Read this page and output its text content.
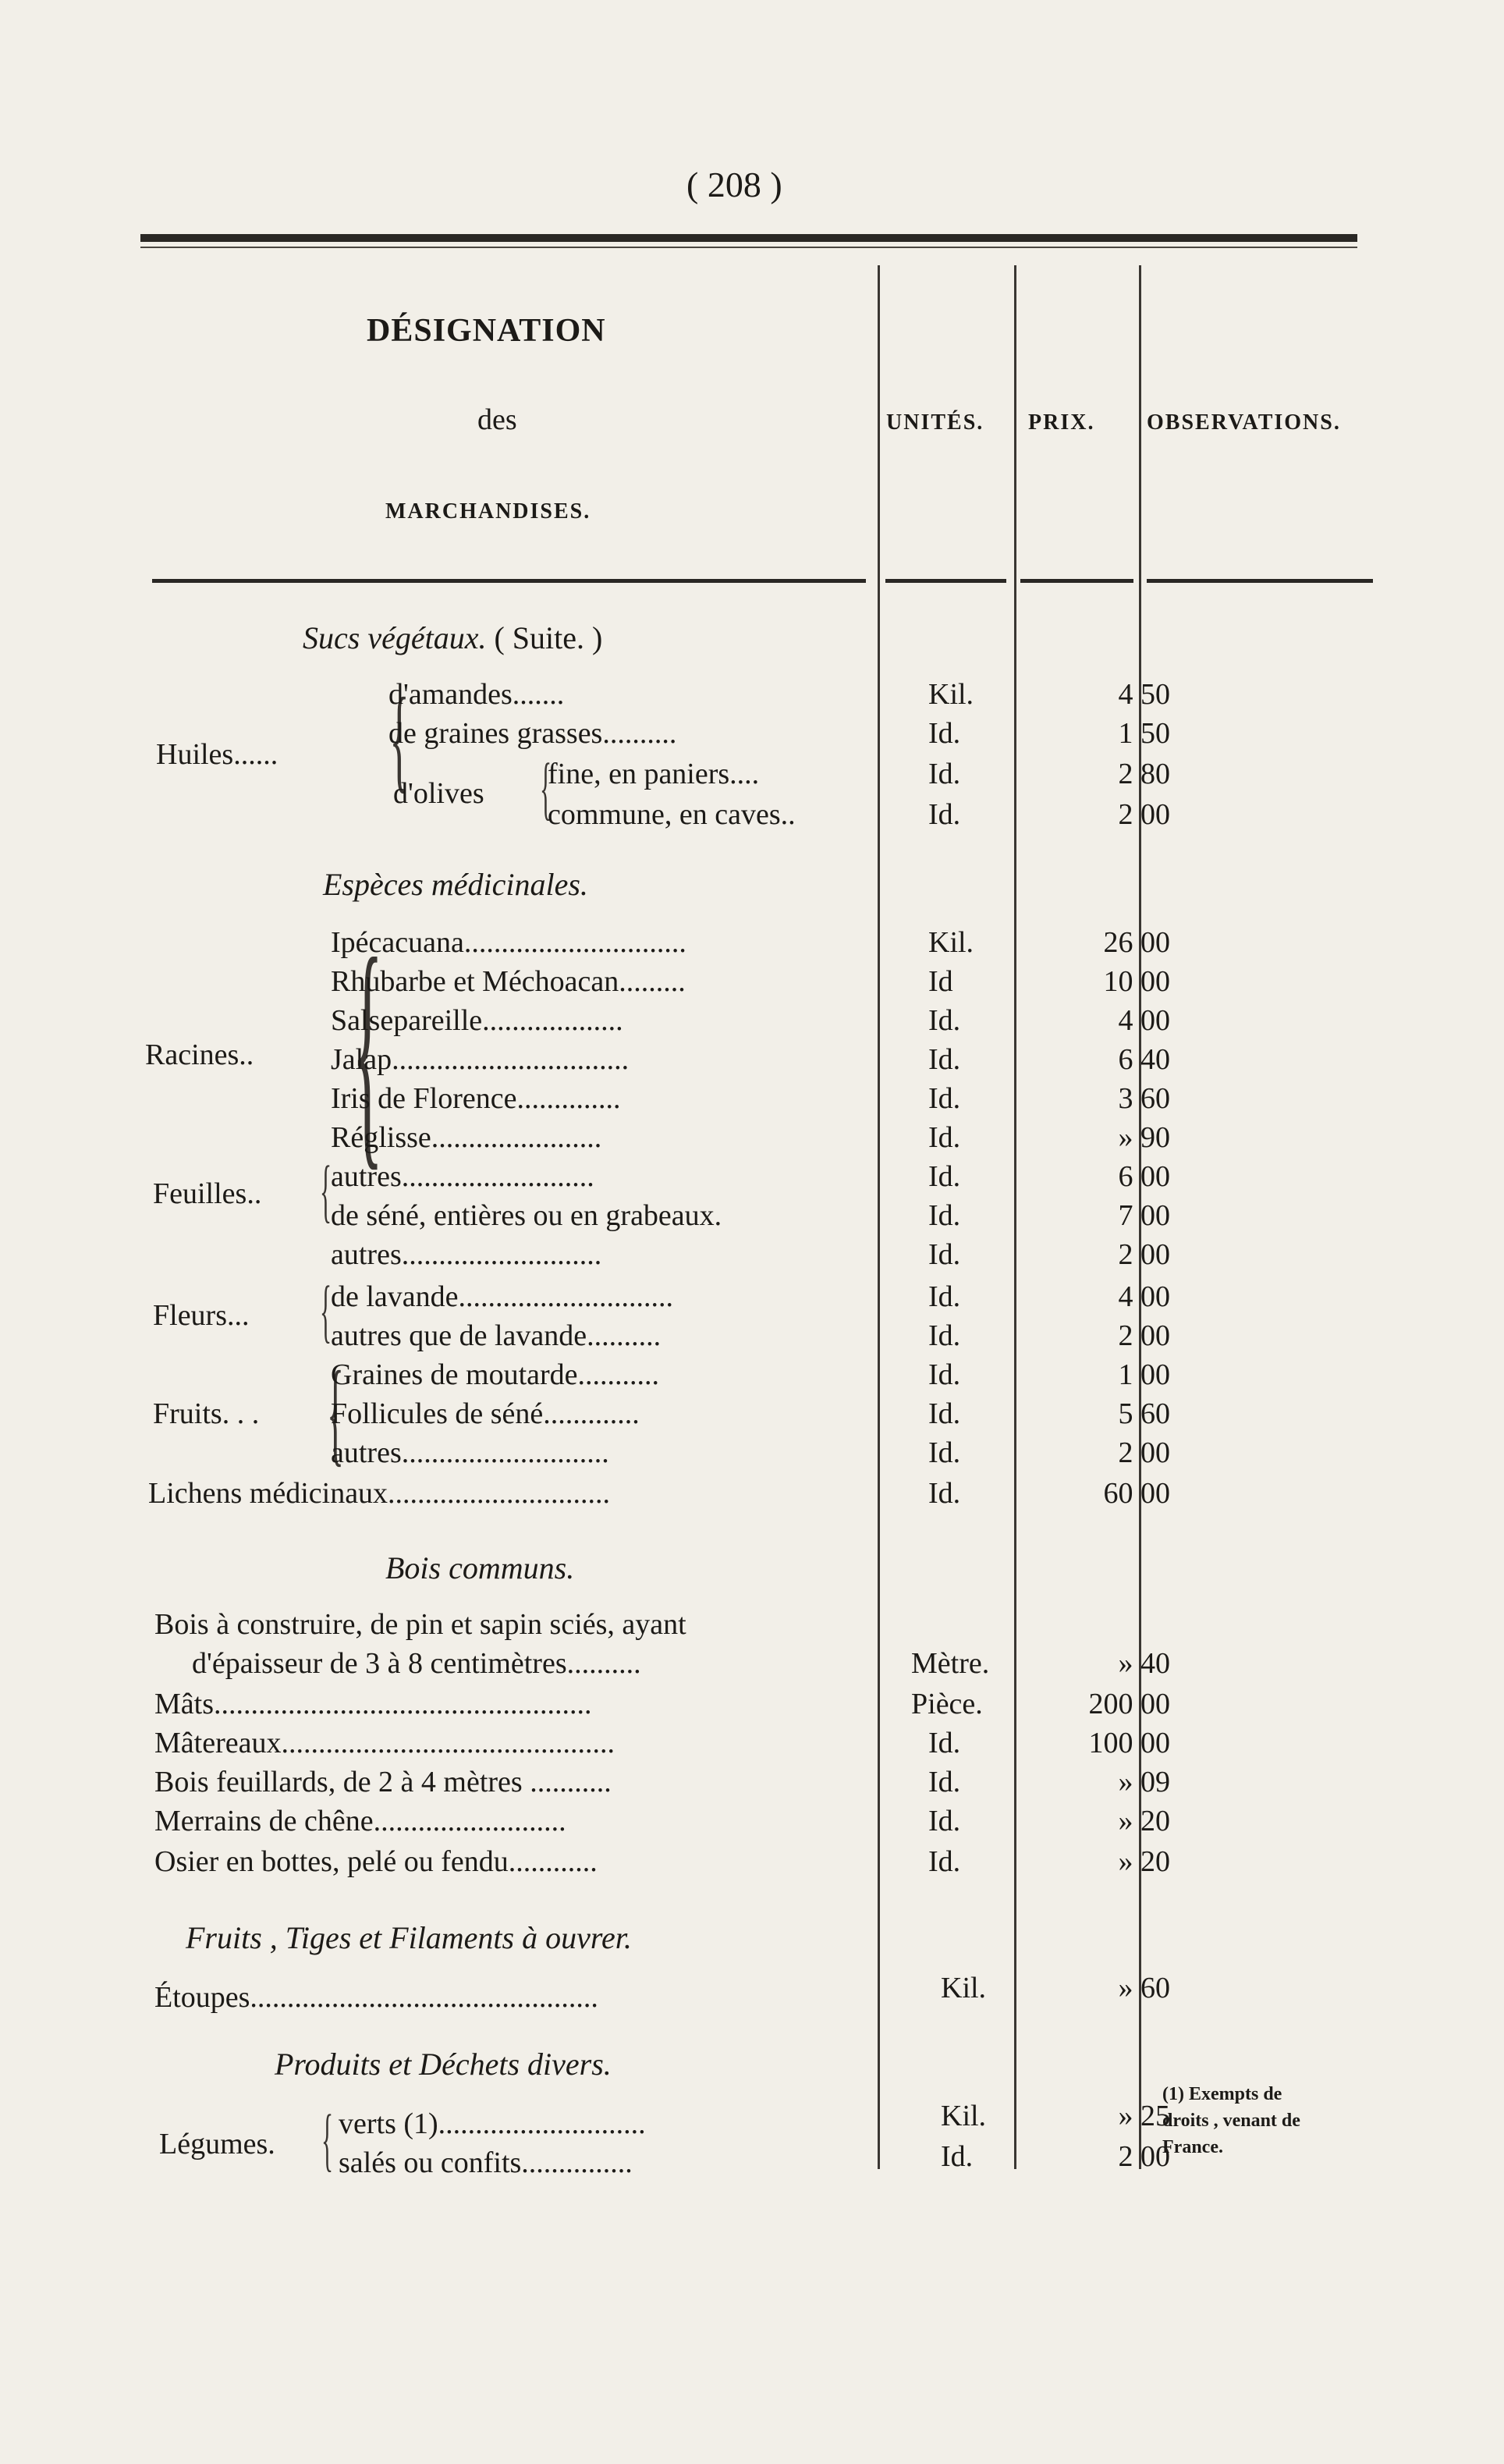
( 208 )
DÉSIGNATION
des
MARCHANDISES.
UNITÉS. PRIX. OBSERVATIONS.
Sucs végétaux. ( Suite. )
Huiles...... {
d'amandes.......
de graines grasses..........
d'olives {
fine, en paniers....
commune, en caves..
Kil.
Id.
Id.
Id.
4 50
1 50
2 80
2 00
Espèces médicinales.
Racines.. {
Feuilles.. {
Fleurs... {
Fruits. . . {
Ipécacuana..............................
Rhubarbe et Méchoacan.........
Salsepareille...................
Jalap................................
Iris de Florence..............
Réglisse.......................
autres..........................
de séné, entières ou en grabeaux.
autres...........................
de lavande.............................
autres que de lavande..........
Graines de moutarde...........
Follicules de séné.............
autres............................
Lichens médicinaux..............................
Kil.
Id
Id.
Id.
Id.
Id.
Id.
Id.
Id.
Id.
Id.
Id.
Id.
Id.
Id.
26 00
10 00
4 00
6 40
3 60
» 90
6 00
7 00
2 00
4 00
2 00
1 00
5 60
2 00
60 00
Bois communs.
Bois à construire, de pin et sapin sciés, ayant
d'épaisseur de 3 à 8 centimètres..........
Mâts...................................................
Mâtereaux.............................................
Bois feuillards, de 2 à 4 mètres ...........
Merrains de chêne..........................
Osier en bottes, pelé ou fendu............
Mètre.
Pièce.
Id.
Id.
Id.
Id.
» 40
200 00
100 00
» 09
» 20
» 20
Fruits , Tiges et Filaments à ouvrer.
Étoupes...............................................	Kil.	» 60
Produits et Déchets divers.
Légumes. { verts (1)............................
salés ou confits...............
Kil.
Id.
» 25
2 00
(1) Exempts de
droits , venant de
France.
